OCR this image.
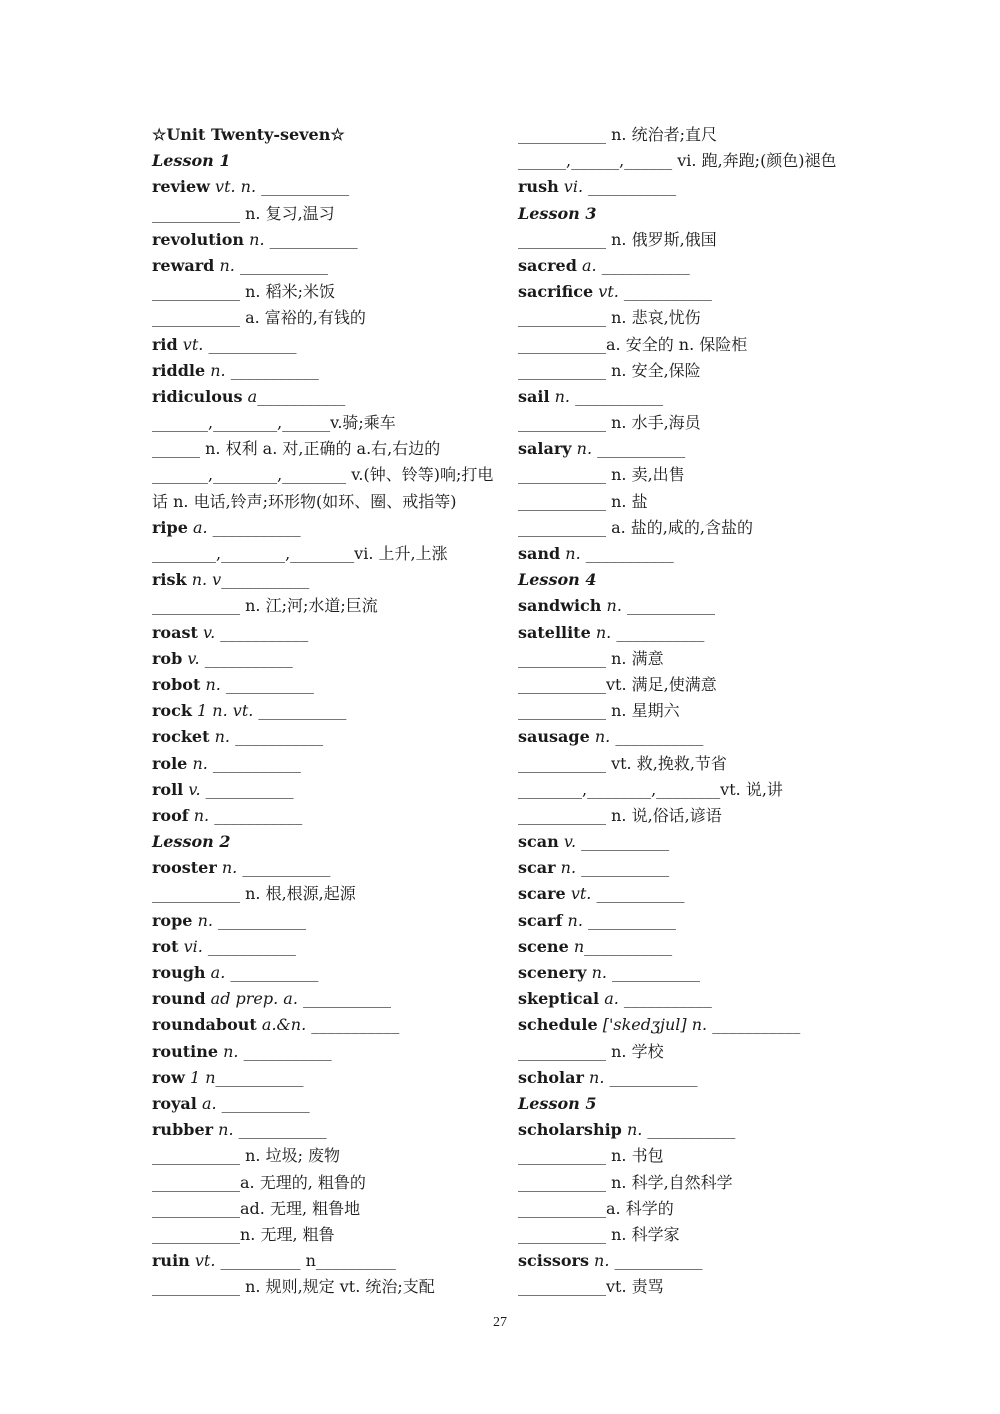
☆Unit Twenty-seven☆
Lesson 1
review vt. n. ___________
___________ n. 复习,温习
revolution n. ___________
reward n. ___________
___________ n. 稻米;米饭
___________ a. 富裕的,有钱的
rid vt. ___________
riddle n. ___________
ridiculous a___________
_______,________,______v.骑;乘车
______ n. 权利 a. 对,正确的 a.右,右边的
_______,________,________ v.(钟、铃等)响;打电
话 n. 电话,铃声;环形物(如环、圈、戒指等)
ripe a. ___________
________,________,________vi. 上升,上涨
risk n. v___________
___________ n. 江;河;水道;巨流
roast v. ___________
rob v. ___________
robot n. ___________
rock 1 n. vt. ___________
rocket n. ___________
role n. ___________
roll v. ___________
roof n. ___________
Lesson 2
rooster n. ___________
___________ n. 根,根源,起源
rope n. ___________
rot vi. ___________
rough a. ___________
round ad prep. a. ___________
roundabout a.&n. ___________
routine n. ___________
row 1 n___________
royal a. ___________
rubber n. ___________
___________ n. 垃圾; 废物
___________a. 无理的, 粗鲁的
___________ad. 无理, 粗鲁地
___________n. 无理, 粗鲁
ruin vt. __________ n__________
___________ n. 规则,规定 vt. 统治;支配
___________ n. 统治者;直尺
______,______,______ vi. 跑,奔跑;(颜色)褪色
rush vi. ___________
Lesson 3
___________ n. 俄罗斯,俄国
sacred a. ___________
sacrifice vt. ___________
___________ n. 悲哀,忧伤
___________a. 安全的 n. 保险柜
___________ n. 安全,保险
sail n. ___________
___________ n. 水手,海员
salary n. ___________
___________ n. 卖,出售
___________ n. 盐
___________ a. 盐的,咸的,含盐的
sand n. ___________
Lesson 4
sandwich n. ___________
satellite n. ___________
___________ n. 满意
___________vt. 满足,使满意
___________ n. 星期六
sausage n. ___________
___________ vt. 救,挽救,节省
________,________,________vt. 说,讲
___________ n. 说,俗话,谚语
scan v. ___________
scar n. ___________
scare vt. ___________
scarf n. ___________
scene n___________
scenery n. ___________
skeptical a. ___________
schedule ['skedʒjul] n. ___________
___________ n. 学校
scholar n. ___________
Lesson 5
scholarship n. ___________
___________ n. 书包
___________ n. 科学,自然科学
___________a. 科学的
___________ n. 科学家
scissors n. ___________
___________vt. 责骂
27
